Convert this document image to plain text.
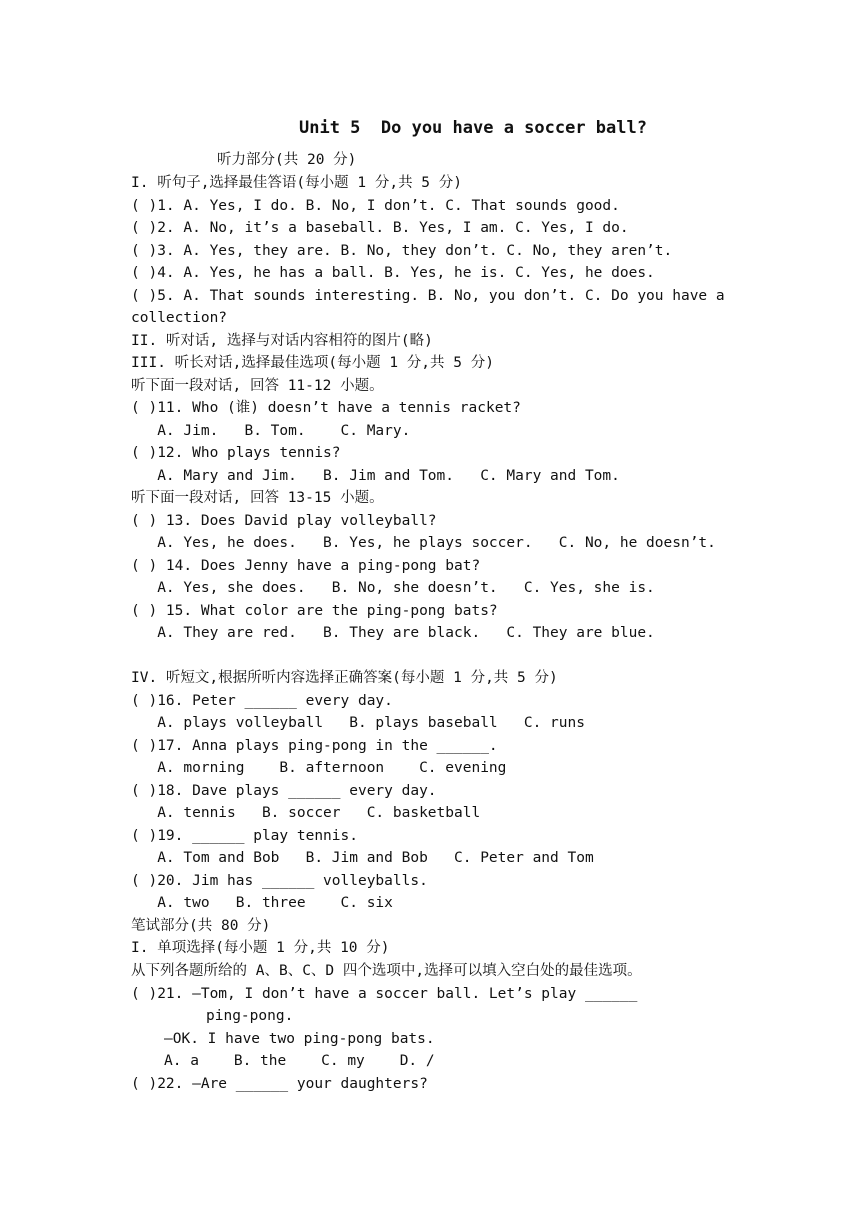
Unit 5  Do you have a soccer ball?
听力部分(共 20 分)
I. 听句子,选择最佳答语(每小题 1 分,共 5 分)
( )1. A. Yes, I do. B. No, I don’t. C. That sounds good.
( )2. A. No, it’s a baseball. B. Yes, I am. C. Yes, I do.
( )3. A. Yes, they are. B. No, they don’t. C. No, they aren’t.
( )4. A. Yes, he has a ball. B. Yes, he is. C. Yes, he does.
( )5. A. That sounds interesting. B. No, you don’t. C. Do you have a
collection?
II. 听对话, 选择与对话内容相符的图片(略)
III. 听长对话,选择最佳选项(每小题 1 分,共 5 分)
听下面一段对话, 回答 11-12 小题。
( )11. Who (谁) doesn’t have a tennis racket?
A. Jim.   B. Tom.    C. Mary.
( )12. Who plays tennis?
A. Mary and Jim.   B. Jim and Tom.   C. Mary and Tom.
听下面一段对话, 回答 13-15 小题。
( ) 13. Does David play volleyball?
A. Yes, he does.   B. Yes, he plays soccer.   C. No, he doesn’t.
( ) 14. Does Jenny have a ping-pong bat?
A. Yes, she does.   B. No, she doesn’t.   C. Yes, she is.
( ) 15. What color are the ping-pong bats?
A. They are red.   B. They are black.   C. They are blue.
IV. 听短文,根据所听内容选择正确答案(每小题 1 分,共 5 分)
( )16. Peter ______ every day.
A. plays volleyball   B. plays baseball   C. runs
( )17. Anna plays ping-pong in the ______.
A. morning    B. afternoon    C. evening
( )18. Dave plays ______ every day.
A. tennis   B. soccer   C. basketball
( )19. ______ play tennis.
A. Tom and Bob   B. Jim and Bob   C. Peter and Tom
( )20. Jim has ______ volleyballs.
A. two   B. three    C. six
笔试部分(共 80 分)
I. 单项选择(每小题 1 分,共 10 分)
从下列各题所给的 A、B、C、D 四个选项中,选择可以填入空白处的最佳选项。
( )21. —Tom, I don’t have a soccer ball. Let’s play ______
ping-pong.
—OK. I have two ping-pong bats.
A. a    B. the    C. my    D. /
( )22. —Are ______ your daughters?
